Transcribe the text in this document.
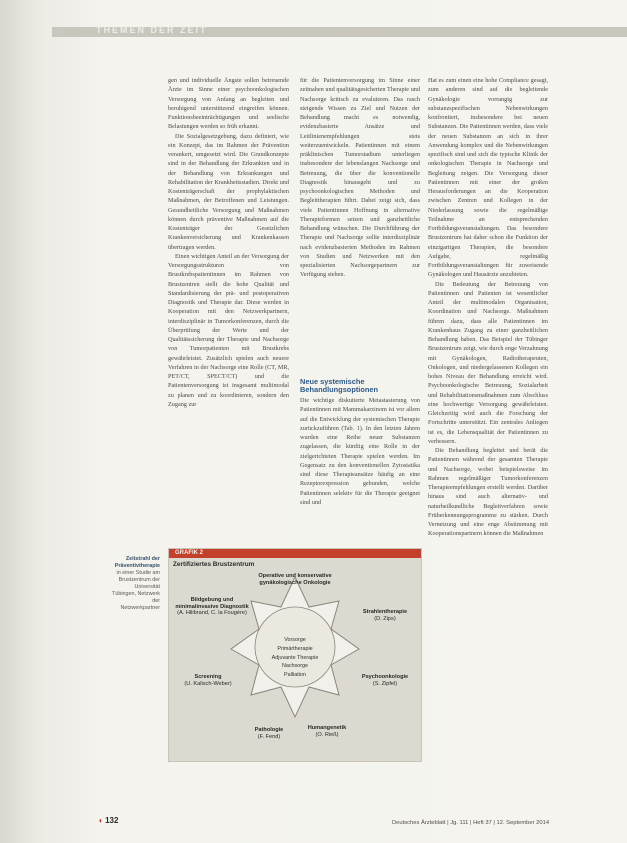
THEMEN DER ZEIT

gen und individuelle Ängste sollen betreuende Ärzte im Sinne einer psychoonkologischen Versorgung von Anfang an begleiten und beruhigend unterstützend eingreifen können. Funktionsbeeinträchtigungen und seelische Belastungen werden so früh erkannt.

Die Sozialgesetzgebung, dazu definiert, wie ein Konzept, das im Rahmen der Prävention verankert, umgesetzt wird. Die Grundkonzepte sind in der Behandlung der Erkrankten und in der Behandlung von Erkrankungen und Rehabilitation der Krankheitsstadien. Direkt und Kostenträgerschaft der prophylaktischen Maßnahmen, der Betroffenen und Leistungen. Gesundheitliche Versorgung und Maßnahmen können durch präventive Maßnahmen auf die Kostenträger der Gesetzlichen Krankenversicherung und Krankenkassen übertragen werden.

Einen wichtigen Anteil an der Versorgung der Versorgungsstrukturen von Brustkrebspatientinnen im Rahmen von Brustzentren stellt die hohe Qualität und Standardisierung der prä- und postoperativen Diagnostik und Therapie dar. Diese werden in Kooperation mit den Netzwerkpartnern, interdisziplinär in Tumorkonferenzen, durch die Überprüfung der Werte und der Qualitätssicherung der Therapie und Nachsorge von Tumorpatienten mit Brustkrebs gewährleistet. Zusätzlich spielen auch neuere Verfahren in der Nachsorge eine Rolle (CT, MR, PET/CT, SPECT/CT) und die Patientenversorgung ist insgesamt multimodal zu planen und zu koordinieren, sondern den Zugang zur

für die Patientenversorgung im Sinne einer zeitnahen und qualitätsgesicherten Therapie und Nachsorge kritisch zu evaluieren. Das rasch steigende Wissen zu Ziel und Nutzen der Behandlung macht es notwendig, evidenzbasierte Ansätze und Leitlinienempfehlungen stets weiterzuentwickeln. Patientinnen mit einem präklinischen Tumorstadium unterliegen insbesondere der lebenslangen Nachsorge und Betreuung, die über die konventionelle Diagnostik hinausgeht und zu psychoonkologischen Methoden und Begleittherapien führt. Dabei zeigt sich, dass viele Patientinnen Hoffnung in alternative Therapieformen setzen und ganzheitliche Behandlung wünschen. Die Durchführung der Therapie und Nachsorge sollte interdisziplinär nach evidenzbasierten Methoden im Rahmen von Studien und Netzwerken mit den spezialisierten Nachsorgepartnern zur Verfügung stehen.

Neue systemische Behandlungsoptionen

Die wichtige diskutierte Metastasierung von Patientinnen mit Mammakarzinom ist vor allem auf die Entwicklung der systemischen Therapie zurückzuführen (Tab. 1). In den letzten Jahren wurden eine Reihe neuer Substanzen zugelassen, die künftig eine Rolle in der zielgerichteten Therapie spielen werden. Im Gegensatz zu den konventionellen Zytostatika sind diese Therapieansätze häufig an eine Rezeptorexpression gebunden, welche Patientinnen selektiv für die Therapie geeignet sind und

Hat es zum einen eine hohe Compliance gesagt, zum anderen sind auf die begleitende Gynäkologie vorrangig zur substanzspezifischen Nebenwirkungen konfrontiert, insbesondere bei neuen Substanzen. Die Patientinnen werden, dass viele der neuen Substanzen an sich in ihrer Anwendung komplex und die Nebenwirkungen spezifisch sind und sich die typische Klinik der onkologischen Therapie in Nachsorge und Begleitung zeigen. Die Versorgung dieser Patientinnen mit einer der großen Herausforderungen an die Kooperation zwischen Zentren und Kollegen in der Niederlassung sowie die regelmäßige Teilnahme an entsprechenden Fortbildungsveranstaltungen. Das besondere Brustzentrum hat daher schon die Funktion der einzigartigen Therapien, die besondere Aufgabe, regelmäßig Fortbildungsveranstaltungen für zuweisende Gynäkologen und Hausärzte anzubieten.

Die Bedeutung der Betreuung von Patientinnen und Patienten ist wesentlicher Anteil der multimodalen Organisation, Koordination und Nachsorge. Maßnahmen führen dazu, dass alle Patientinnen im Krankenhaus Zugang zu einer ganzheitlichen Behandlung haben. Das Beispiel der Tübinger Brustzentrum zeigt, wie durch enge Verzahnung mit Gynäkologen, Radiotherapeuten, Onkologen, und niedergelassenen Kollegen ein hohes Niveau der Behandlung erreicht wird. Psychoonkologische Betreuung, Sozialarbeit und Rehabilitationsmaßnahmen zum Abschluss eine hochwertige Versorgung gewährleisten. Gleichzeitig wird auch die Forschung der Fortschritte unterstützt. Ein zentrales Anliegen ist es, die Lebensqualität der Patientinnen zu verbessern.

Die Behandlung begleitet und berät die Patientinnen während der gesamten Therapie und Nachsorge, wobei beispielsweise im Rahmen regelmäßiger Tumorkonferenzen Therapieempfehlungen erstellt werden. Darüber hinaus sind auch alternativ- und naturheilkundliche Begleitverfahren sowie Früherkennungsprogramme zu stärken. Durch Vernetzung und eine enge Abstimmung mit Kooperationspartnern können die Maßnahmen

Zeitstrahl der Präventivtherapie in einer Studie am Brustzentrum der Universität Tübingen, Netzwerk der Netzwerkpartner
GRAFIK 2
Zertifiziertes Brustzentrum
Vorsorge
Primärtherapie
Adjuvante Therapie
Nachsorge
Palliation
Operative und konservative gynäkologische Onkologie
Bildgebung und minimalinvasive Diagnostik
(A. Hilibrand, C. la Fougère)	Strahlentherapie
(D. Zips)
Screening
(U. Kalisch-Weber)
Psychoonkologie
(S. Zipfel)
Pathologie
(F. Fend)
Humangenetik
(O. Rieß)
◖ 132	Deutsches Ärzteblatt | Jg. 111 | Heft 37 | 12. September 2014
